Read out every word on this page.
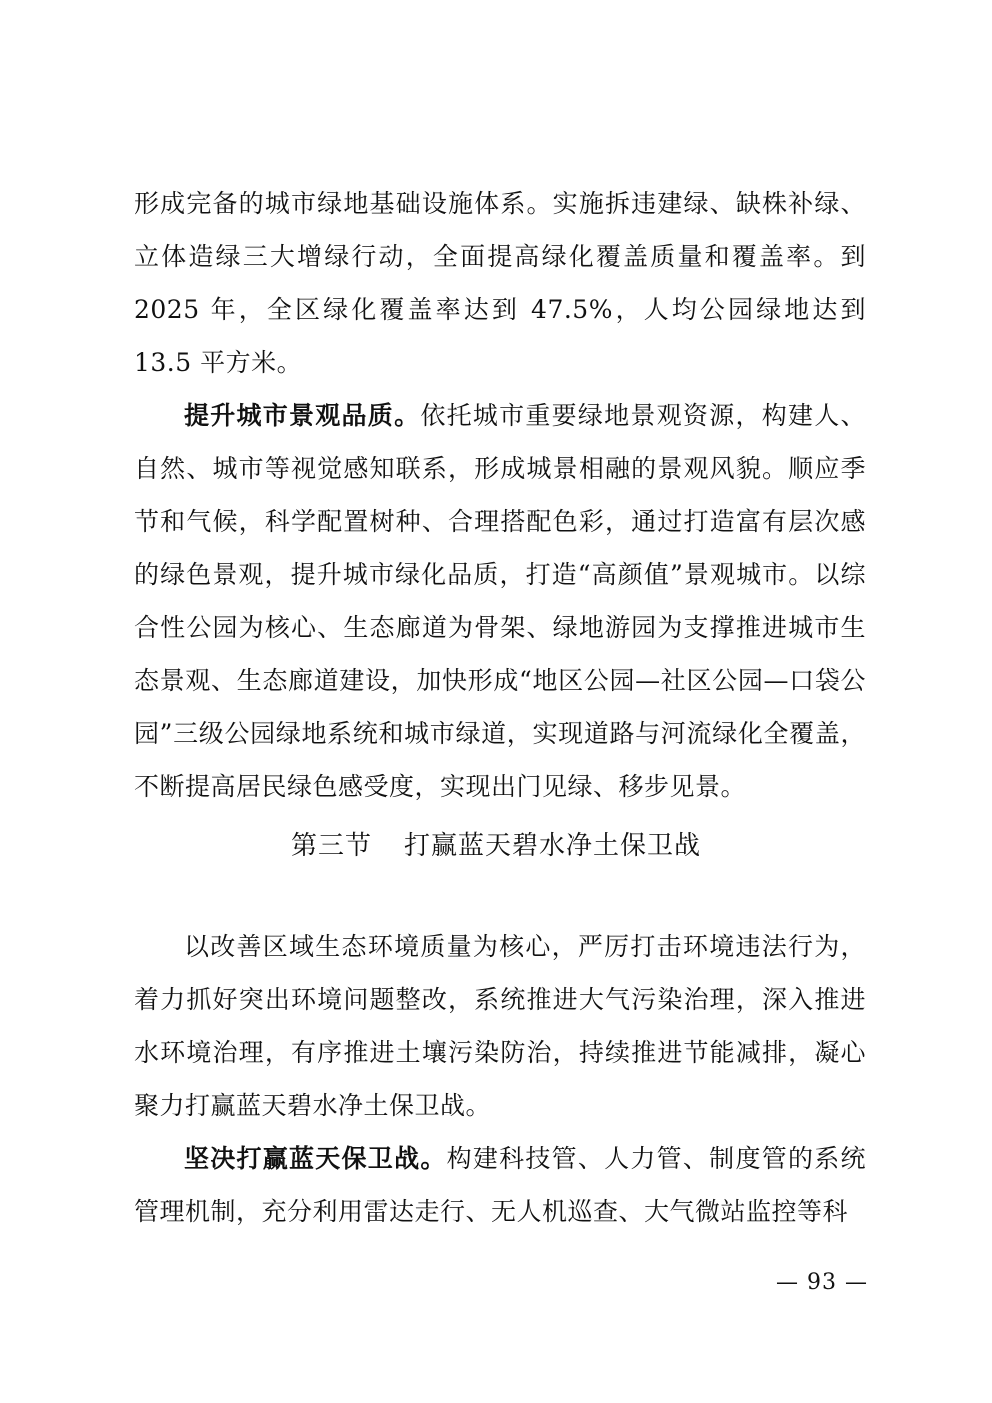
形成完备的城市绿地基础设施体系。实施拆违建绿、缺株补绿、立体造绿三大增绿行动，全面提高绿化覆盖质量和覆盖率。到 2025 年，全区绿化覆盖率达到 47.5%，人均公园绿地达到 13.5 平方米。

提升城市景观品质。依托城市重要绿地景观资源，构建人、自然、城市等视觉感知联系，形成城景相融的景观风貌。顺应季节和气候，科学配置树种、合理搭配色彩，通过打造富有层次感的绿色景观，提升城市绿化品质，打造“高颜值”景观城市。以综合性公园为核心、生态廊道为骨架、绿地游园为支撑推进城市生态景观、生态廊道建设，加快形成“地区公园—社区公园—口袋公园”三级公园绿地系统和城市绿道，实现道路与河流绿化全覆盖，不断提高居民绿色感受度，实现出门见绿、移步见景。

第三节 打赢蓝天碧水净土保卫战

以改善区域生态环境质量为核心，严厉打击环境违法行为，着力抓好突出环境问题整改，系统推进大气污染治理，深入推进水环境治理，有序推进土壤污染防治，持续推进节能减排，凝心聚力打赢蓝天碧水净土保卫战。

坚决打赢蓝天保卫战。构建科技管、人力管、制度管的系统管理机制，充分利用雷达走行、无人机巡查、大气微站监控等科

— 93 —
